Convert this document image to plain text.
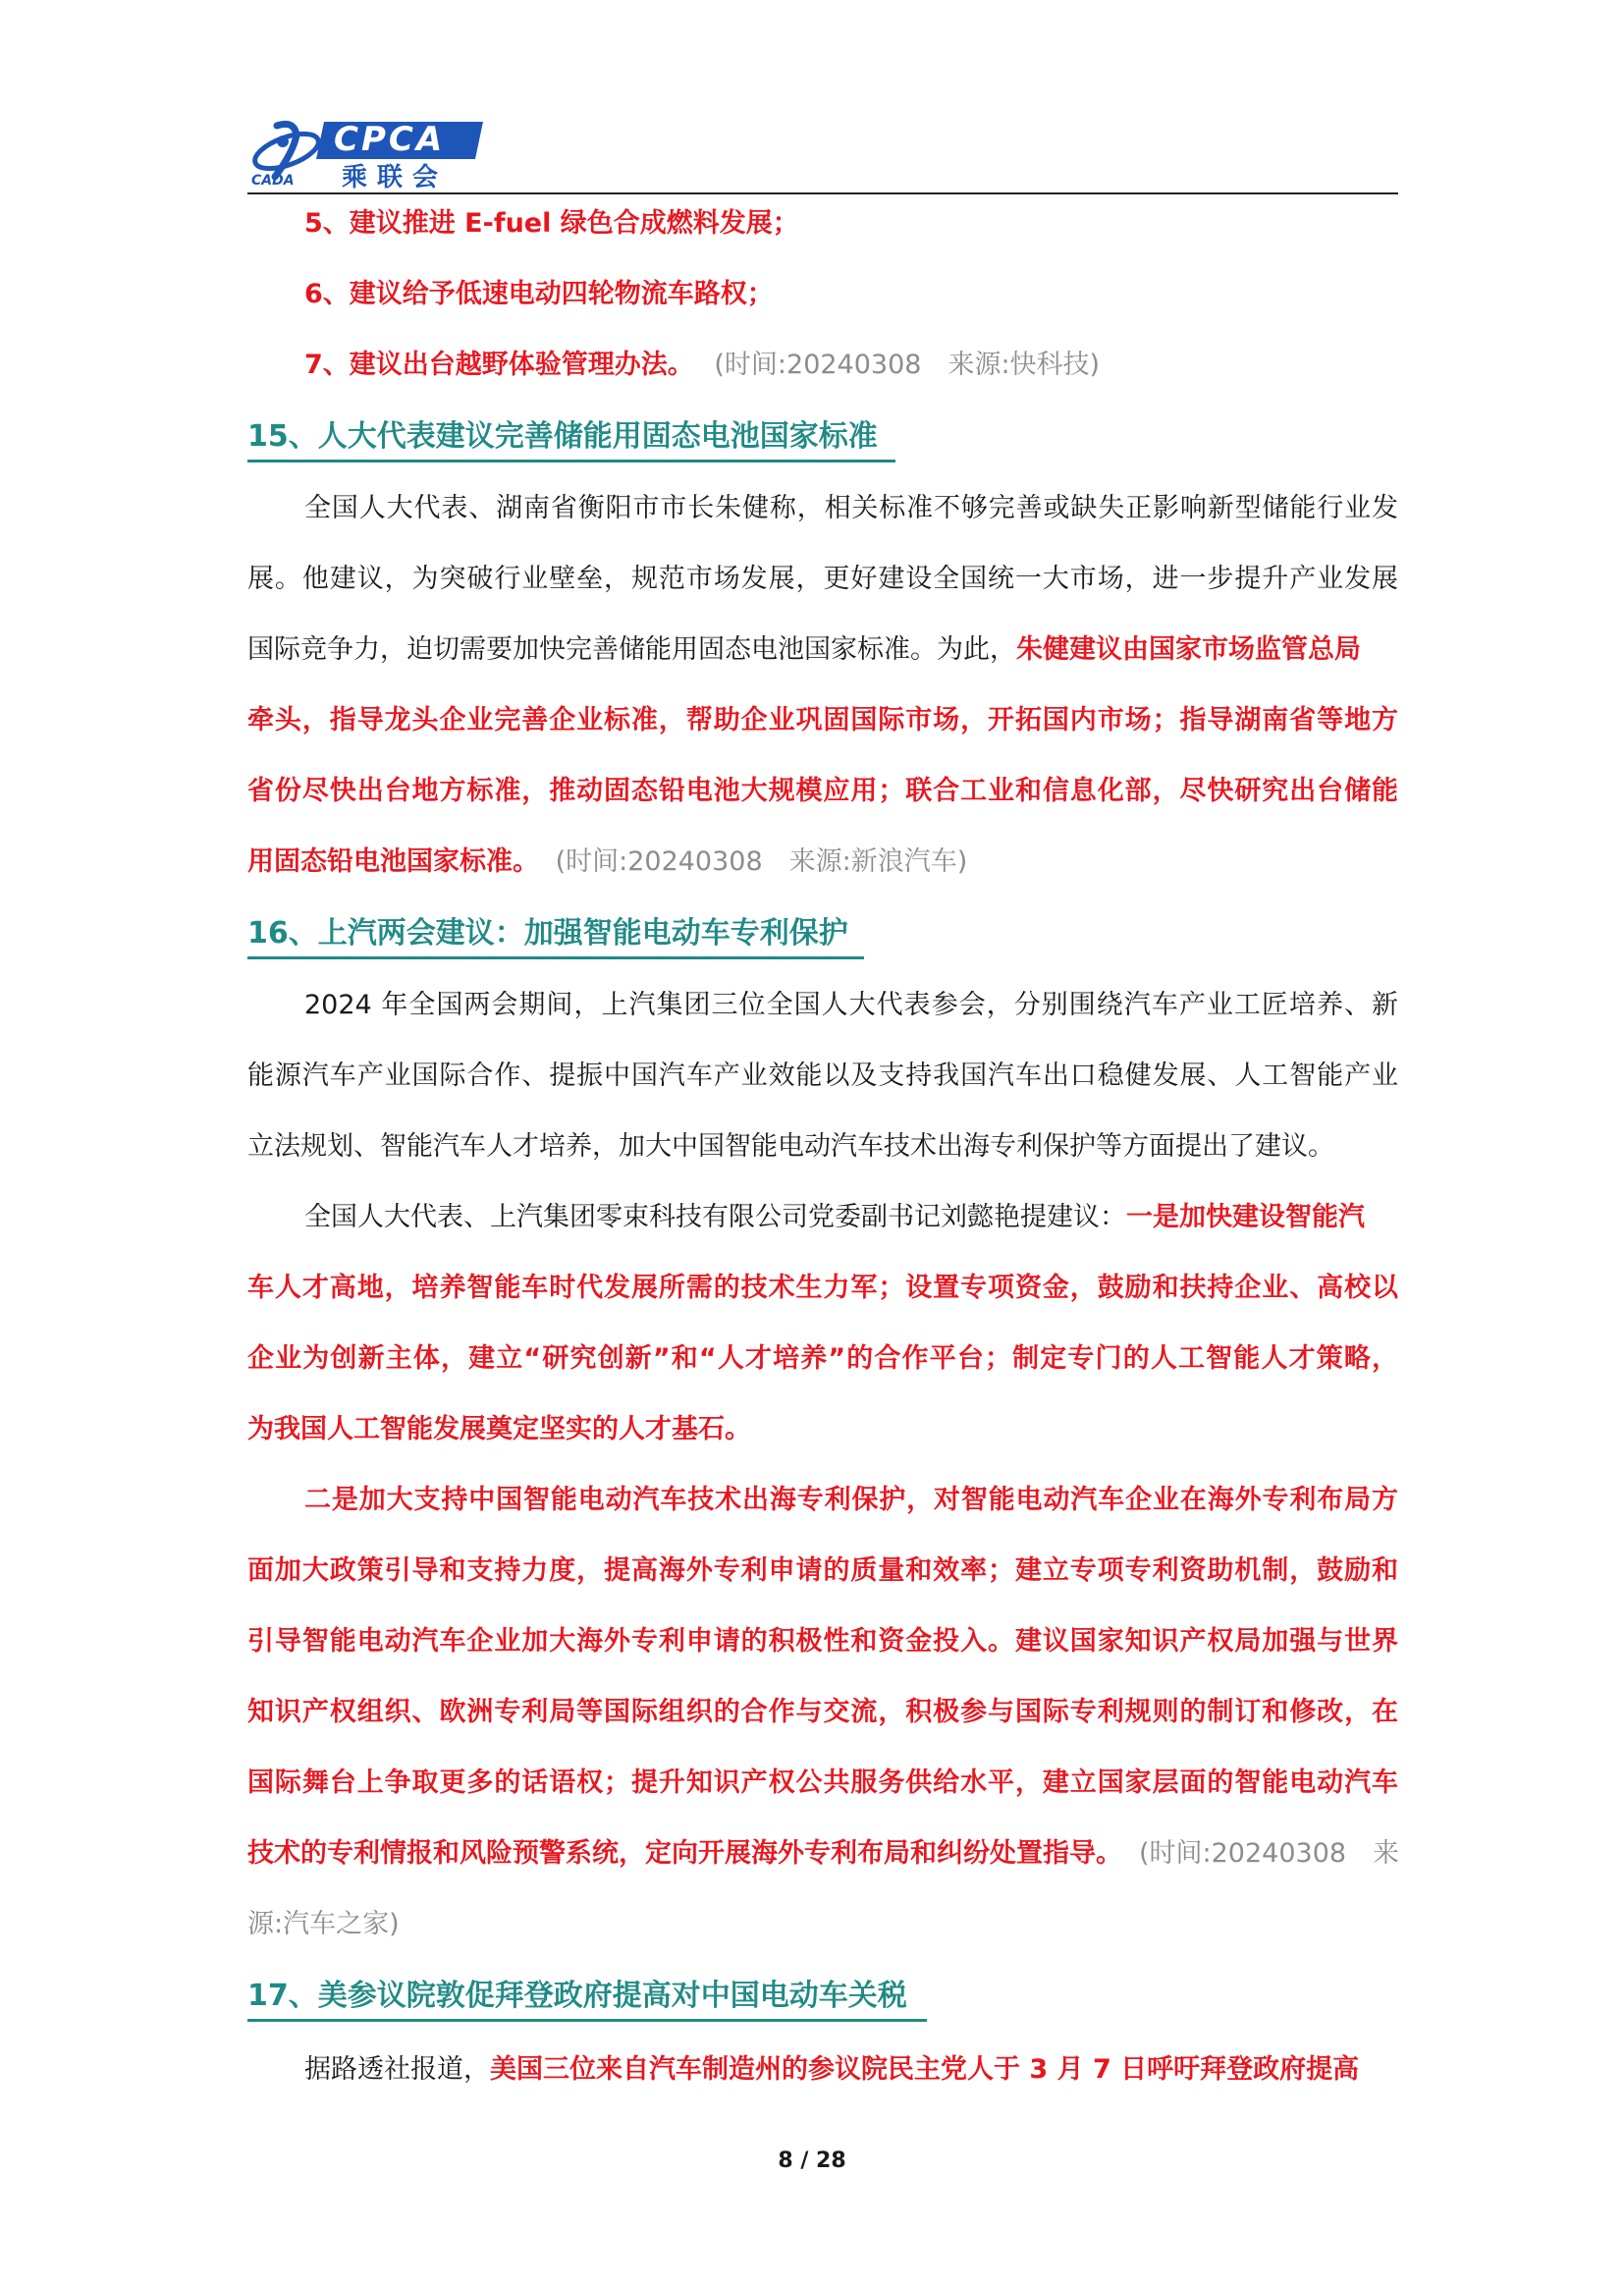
CPCA
乘联会
CADA
5、建议推进 E-fuel 绿色合成燃料发展；
6、建议给予低速电动四轮物流车路权；
7、建议出台越野体验管理办法。 (时间:20240308　来源:快科技)
15、人大代表建议完善储能用固态电池国家标准
全国人大代表、湖南省衡阳市市长朱健称，相关标准不够完善或缺失正影响新型储能行业发
展。他建议，为突破行业壁垒，规范市场发展，更好建设全国统一大市场，进一步提升产业发展
国际竞争力，迫切需要加快完善储能用固态电池国家标准。为此，朱健建议由国家市场监管总局
牵头，指导龙头企业完善企业标准，帮助企业巩固国际市场，开拓国内市场；指导湖南省等地方
省份尽快出台地方标准，推动固态铅电池大规模应用；联合工业和信息化部，尽快研究出台储能
用固态铅电池国家标准。 (时间:20240308　来源:新浪汽车)
16、上汽两会建议：加强智能电动车专利保护
2024 年全国两会期间，上汽集团三位全国人大代表参会，分别围绕汽车产业工匠培养、新
能源汽车产业国际合作、提振中国汽车产业效能以及支持我国汽车出口稳健发展、人工智能产业
立法规划、智能汽车人才培养，加大中国智能电动汽车技术出海专利保护等方面提出了建议。
全国人大代表、上汽集团零束科技有限公司党委副书记刘懿艳提建议：一是加快建设智能汽
车人才高地，培养智能车时代发展所需的技术生力军；设置专项资金，鼓励和扶持企业、高校以
企业为创新主体，建立“研究创新”和“人才培养”的合作平台；制定专门的人工智能人才策略，
为我国人工智能发展奠定坚实的人才基石。
二是加大支持中国智能电动汽车技术出海专利保护，对智能电动汽车企业在海外专利布局方
面加大政策引导和支持力度，提高海外专利申请的质量和效率；建立专项专利资助机制，鼓励和
引导智能电动汽车企业加大海外专利申请的积极性和资金投入。建议国家知识产权局加强与世界
知识产权组织、欧洲专利局等国际组织的合作与交流，积极参与国际专利规则的制订和修改，在
国际舞台上争取更多的话语权；提升知识产权公共服务供给水平，建立国家层面的智能电动汽车
技术的专利情报和风险预警系统，定向开展海外专利布局和纠纷处置指导。 (时间:20240308　来
源:汽车之家)
17、美参议院敦促拜登政府提高对中国电动车关税
据路透社报道，美国三位来自汽车制造州的参议院民主党人于 3 月 7 日呼吁拜登政府提高
8 / 28
